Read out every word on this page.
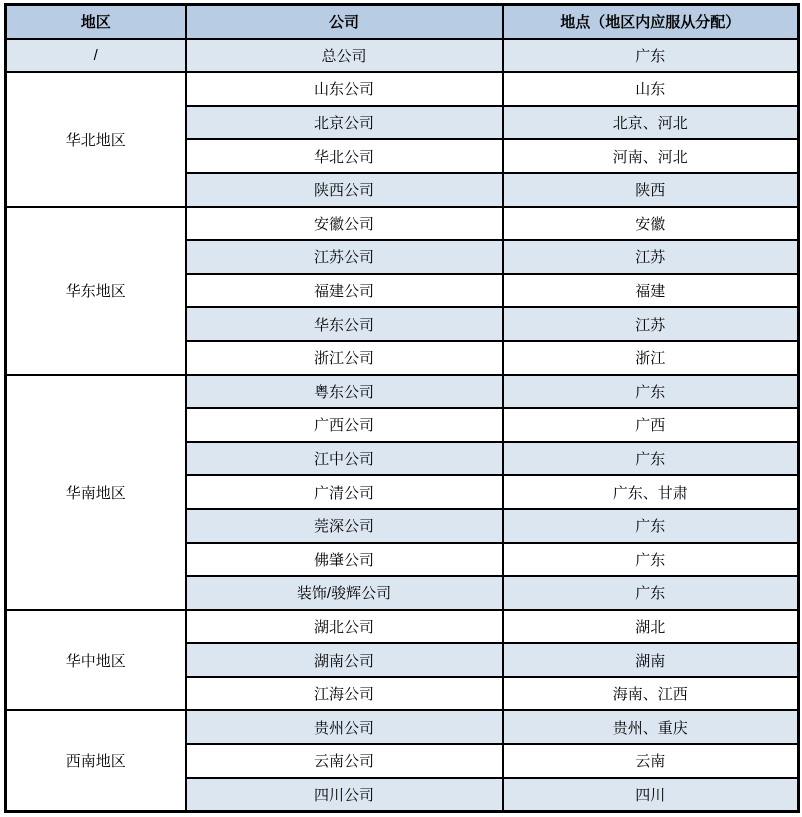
地区	公司	地点（地区内应服从分配）
/	总公司	广东
华北地区	山东公司	山东
	北京公司	北京、河北
	华北公司	河南、河北
	陕西公司	陕西
华东地区	安徽公司	安徽
	江苏公司	江苏
	福建公司	福建
	华东公司	江苏
	浙江公司	浙江
华南地区	粤东公司	广东
	广西公司	广西
	江中公司	广东
	广清公司	广东、甘肃
	莞深公司	广东
	佛肇公司	广东
	装饰/骏辉公司	广东
华中地区	湖北公司	湖北
	湖南公司	湖南
	江海公司	海南、江西
西南地区	贵州公司	贵州、重庆
	云南公司	云南
	四川公司	四川
